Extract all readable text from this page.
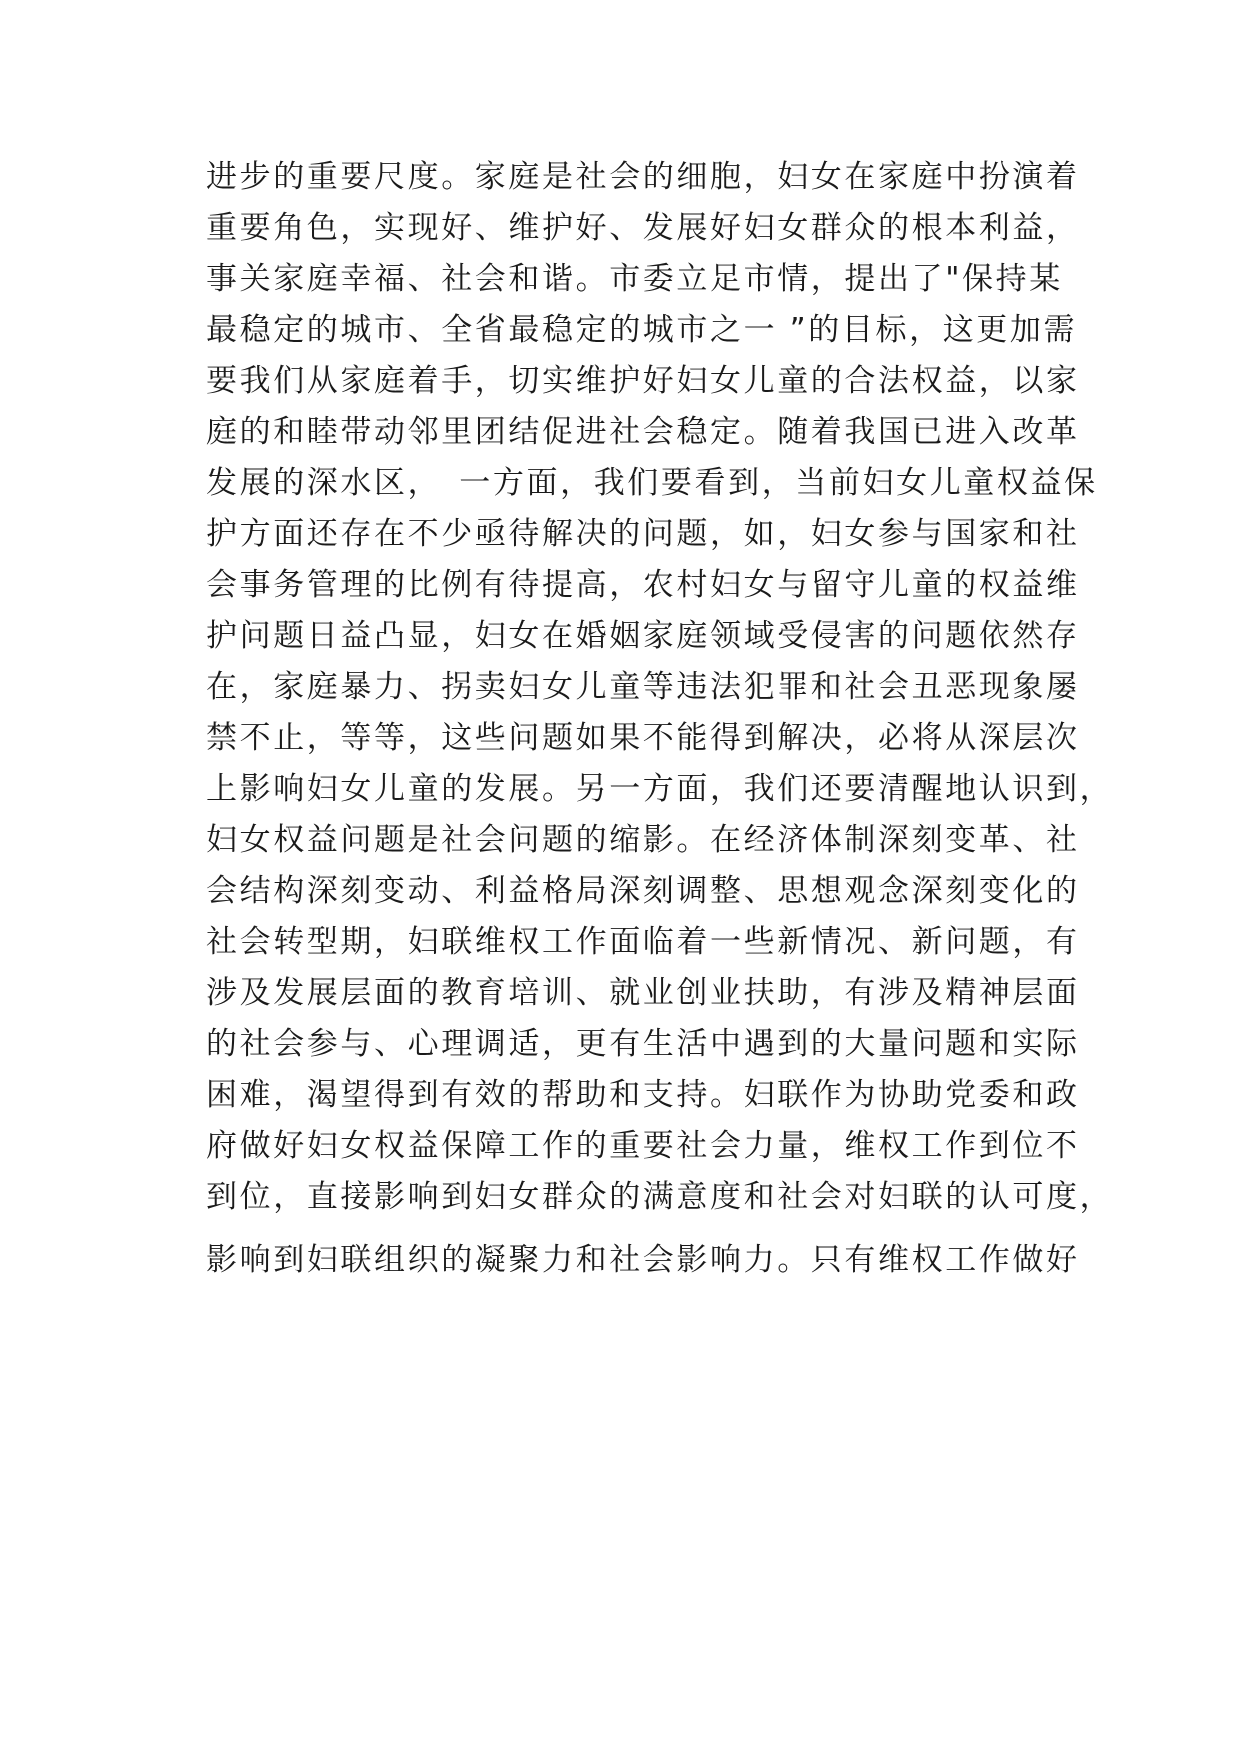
进步的重要尺度。家庭是社会的细胞，妇女在家庭中扮演着
重要角色，实现好、维护好、发展好妇女群众的根本利益，
事关家庭幸福、社会和谐。市委立足市情，提出了"保持某
最稳定的城市、全省最稳定的城市之一 ”的目标，这更加需
要我们从家庭着手，切实维护好妇女儿童的合法权益，以家
庭的和睦带动邻里团结促进社会稳定。随着我国已进入改革
发展的深水区，　一方面，我们要看到，当前妇女儿童权益保
护方面还存在不少亟待解决的问题，如，妇女参与国家和社
会事务管理的比例有待提高，农村妇女与留守儿童的权益维
护问题日益凸显，妇女在婚姻家庭领域受侵害的问题依然存
在，家庭暴力、拐卖妇女儿童等违法犯罪和社会丑恶现象屡
禁不止，等等，这些问题如果不能得到解决，必将从深层次
上影响妇女儿童的发展。另一方面，我们还要清醒地认识到，
妇女权益问题是社会问题的缩影。在经济体制深刻变革、社
会结构深刻变动、利益格局深刻调整、思想观念深刻变化的
社会转型期，妇联维权工作面临着一些新情况、新问题，有
涉及发展层面的教育培训、就业创业扶助，有涉及精神层面
的社会参与、心理调适，更有生活中遇到的大量问题和实际
困难，渴望得到有效的帮助和支持。妇联作为协助党委和政
府做好妇女权益保障工作的重要社会力量，维权工作到位不
到位，直接影响到妇女群众的满意度和社会对妇联的认可度，
影响到妇联组织的凝聚力和社会影响力。只有维权工作做好
